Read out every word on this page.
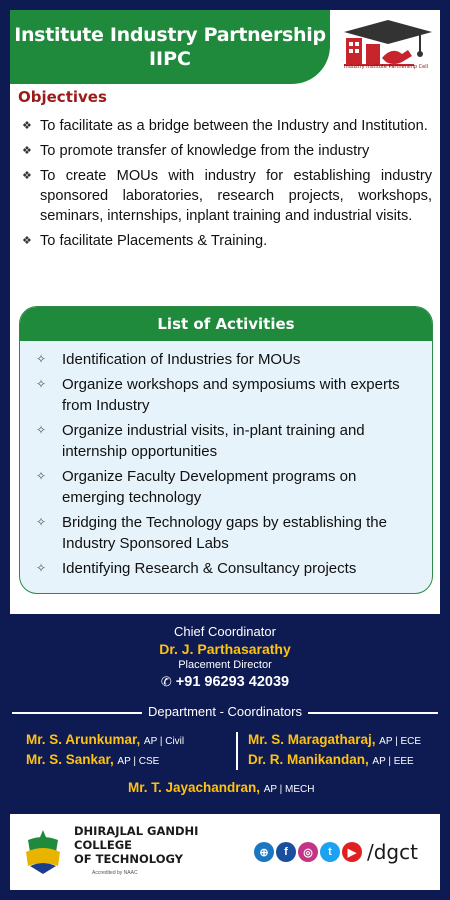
Institute Industry Partnership
IIPC	Industry Institute Partnership Cell
Objectives
❖ To facilitate as a bridge between the Industry and Institution.
❖ To promote transfer of knowledge from the industry
❖ To create MOUs with industry for establishing industry sponsored laboratories, research projects, workshops, seminars, internships, inplant training and industrial visits.
❖ To facilitate Placements & Training.
List of Activities
✧ Identification of Industries for MOUs
✧ Organize workshops and symposiums with experts from Industry
✧ Organize industrial visits, in-plant training and internship opportunities
✧ Organize Faculty Development programs on emerging technology
✧ Bridging the Technology gaps by establishing the Industry Sponsored Labs
✧ Identifying Research & Consultancy projects
Chief Coordinator
Dr. J. Parthasarathy
Placement Director
✆ +91 96293 42039
Department - Coordinators
Mr. S. Arunkumar, AP | Civil	Mr. S. Maragatharaj, AP | ECE
Mr. S. Sankar, AP | CSE	Dr. R. Manikandan, AP | EEE
Mr. T. Jayachandran, AP | MECH
DHIRAJLAL GANDHI
COLLEGE
OF TECHNOLOGY
Accredited by NAAC
⊕	f	◎	t	▶ /dgct
